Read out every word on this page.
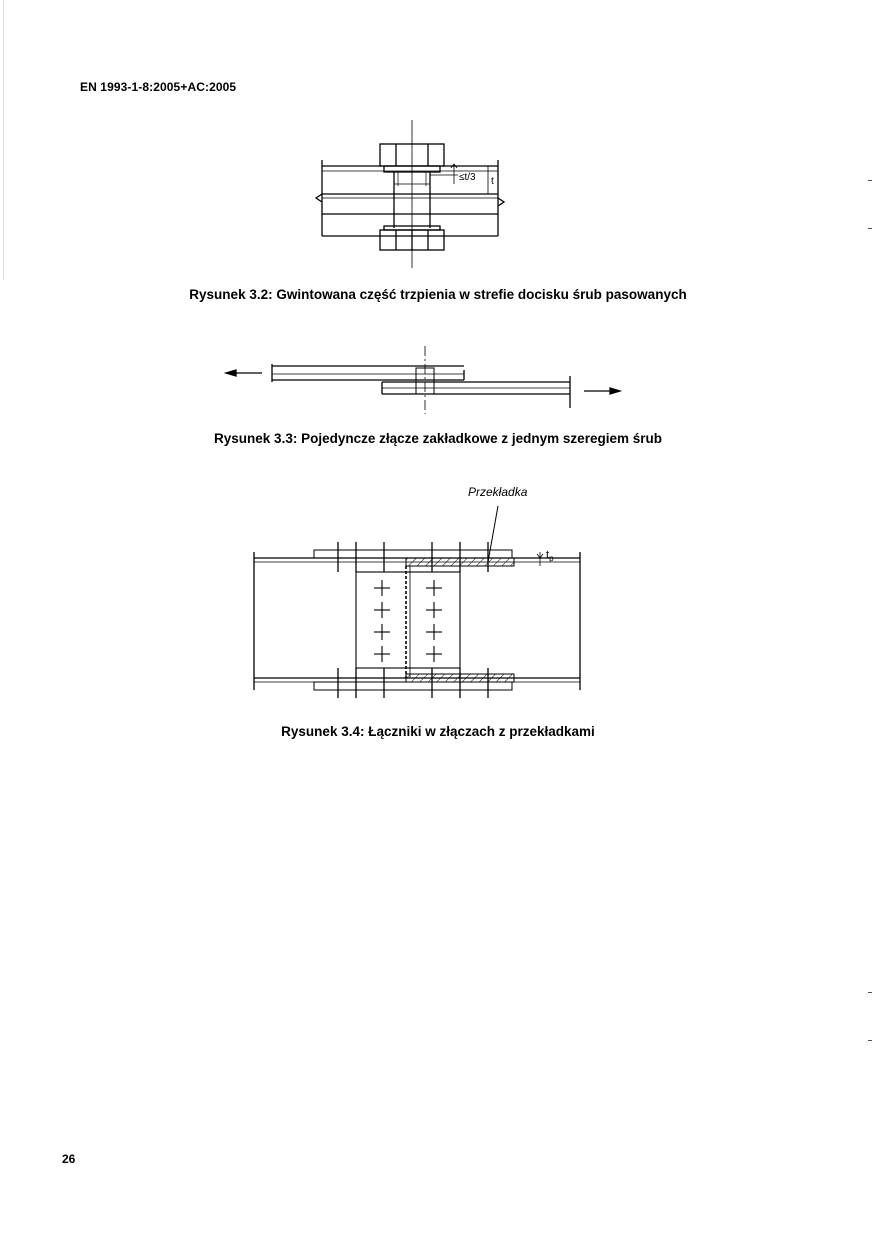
EN 1993-1-8:2005+AC:2005
≤t/3 t
Rysunek 3.2: Gwintowana część trzpienia w strefie docisku śrub pasowanych
Rysunek 3.3: Pojedyncze złącze zakładkowe z jednym szeregiem śrub
Przekładka
$t_p$
Rysunek 3.4: Łączniki w złączach z przekładkami
26
